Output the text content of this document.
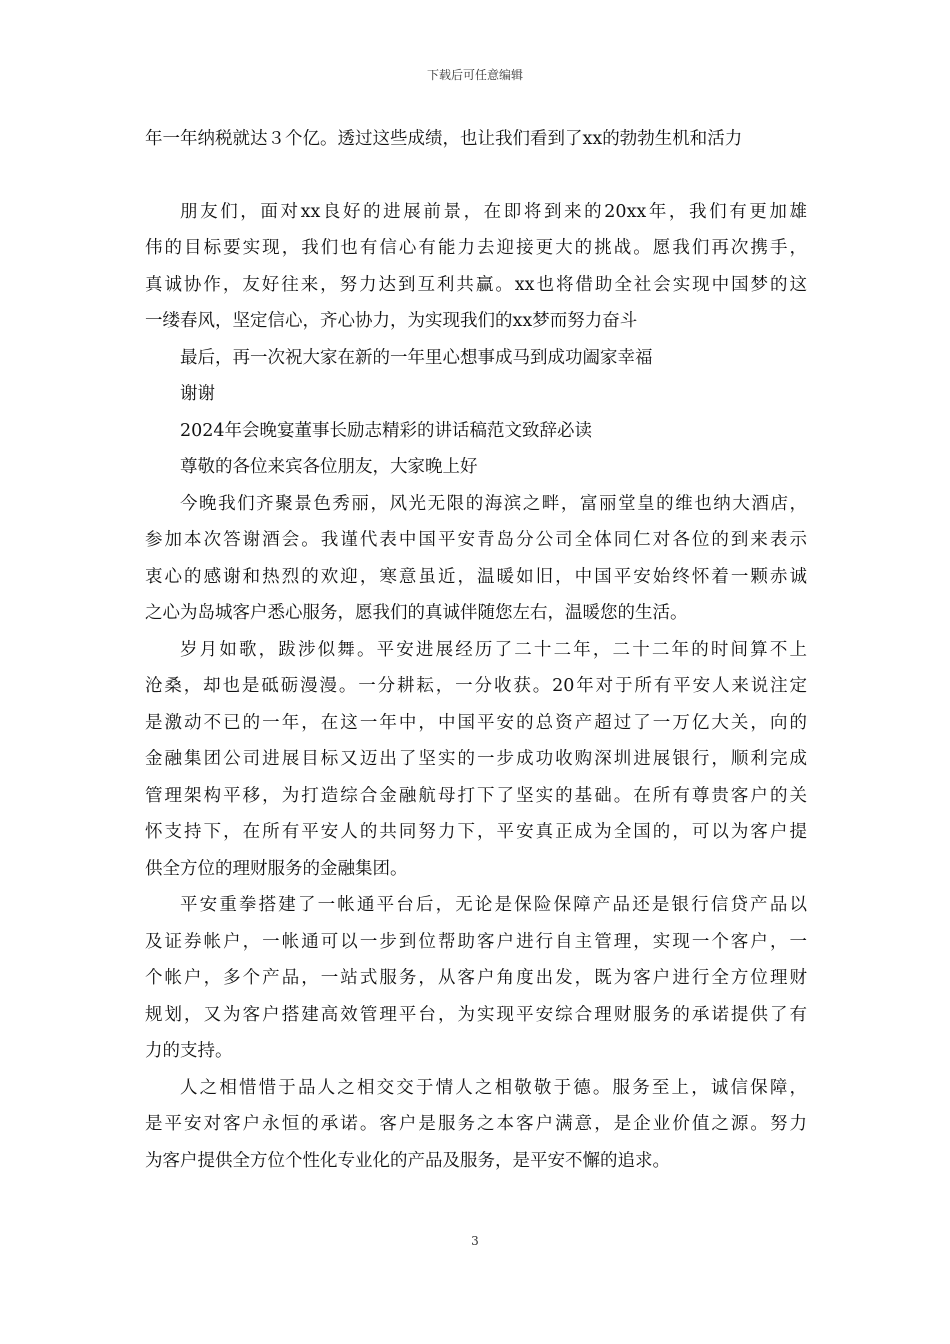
下载后可任意编辑
年一年纳税就达３个亿。透过这些成绩，也让我们看到了xx的勃勃生机和活力
朋友们，面对xx良好的进展前景，在即将到来的20xx年，我们有更加雄
伟的目标要实现，我们也有信心有能力去迎接更大的挑战。愿我们再次携手，
真诚协作，友好往来，努力达到互利共赢。xx也将借助全社会实现中国梦的这
一缕春风，坚定信心，齐心协力，为实现我们的xx梦而努力奋斗
最后，再一次祝大家在新的一年里心想事成马到成功阖家幸福
谢谢
2024年会晚宴董事长励志精彩的讲话稿范文致辞必读
尊敬的各位来宾各位朋友，大家晚上好
今晚我们齐聚景色秀丽，风光无限的海滨之畔，富丽堂皇的维也纳大酒店，
参加本次答谢酒会。我谨代表中国平安青岛分公司全体同仁对各位的到来表示
衷心的感谢和热烈的欢迎，寒意虽近，温暖如旧，中国平安始终怀着一颗赤诚
之心为岛城客户悉心服务，愿我们的真诚伴随您左右，温暖您的生活。
岁月如歌，跋涉似舞。平安进展经历了二十二年，二十二年的时间算不上
沧桑，却也是砥砺漫漫。一分耕耘，一分收获。20年对于所有平安人来说注定
是激动不已的一年，在这一年中，中国平安的总资产超过了一万亿大关，向的
金融集团公司进展目标又迈出了坚实的一步成功收购深圳进展银行，顺利完成
管理架构平移，为打造综合金融航母打下了坚实的基础。在所有尊贵客户的关
怀支持下，在所有平安人的共同努力下，平安真正成为全国的，可以为客户提
供全方位的理财服务的金融集团。
平安重拳搭建了一帐通平台后，无论是保险保障产品还是银行信贷产品以
及证券帐户，一帐通可以一步到位帮助客户进行自主管理，实现一个客户，一
个帐户，多个产品，一站式服务，从客户角度出发，既为客户进行全方位理财
规划，又为客户搭建高效管理平台，为实现平安综合理财服务的承诺提供了有
力的支持。
人之相惜惜于品人之相交交于情人之相敬敬于德。服务至上，诚信保障，
是平安对客户永恒的承诺。客户是服务之本客户满意，是企业价值之源。努力
为客户提供全方位个性化专业化的产品及服务，是平安不懈的追求。
3
